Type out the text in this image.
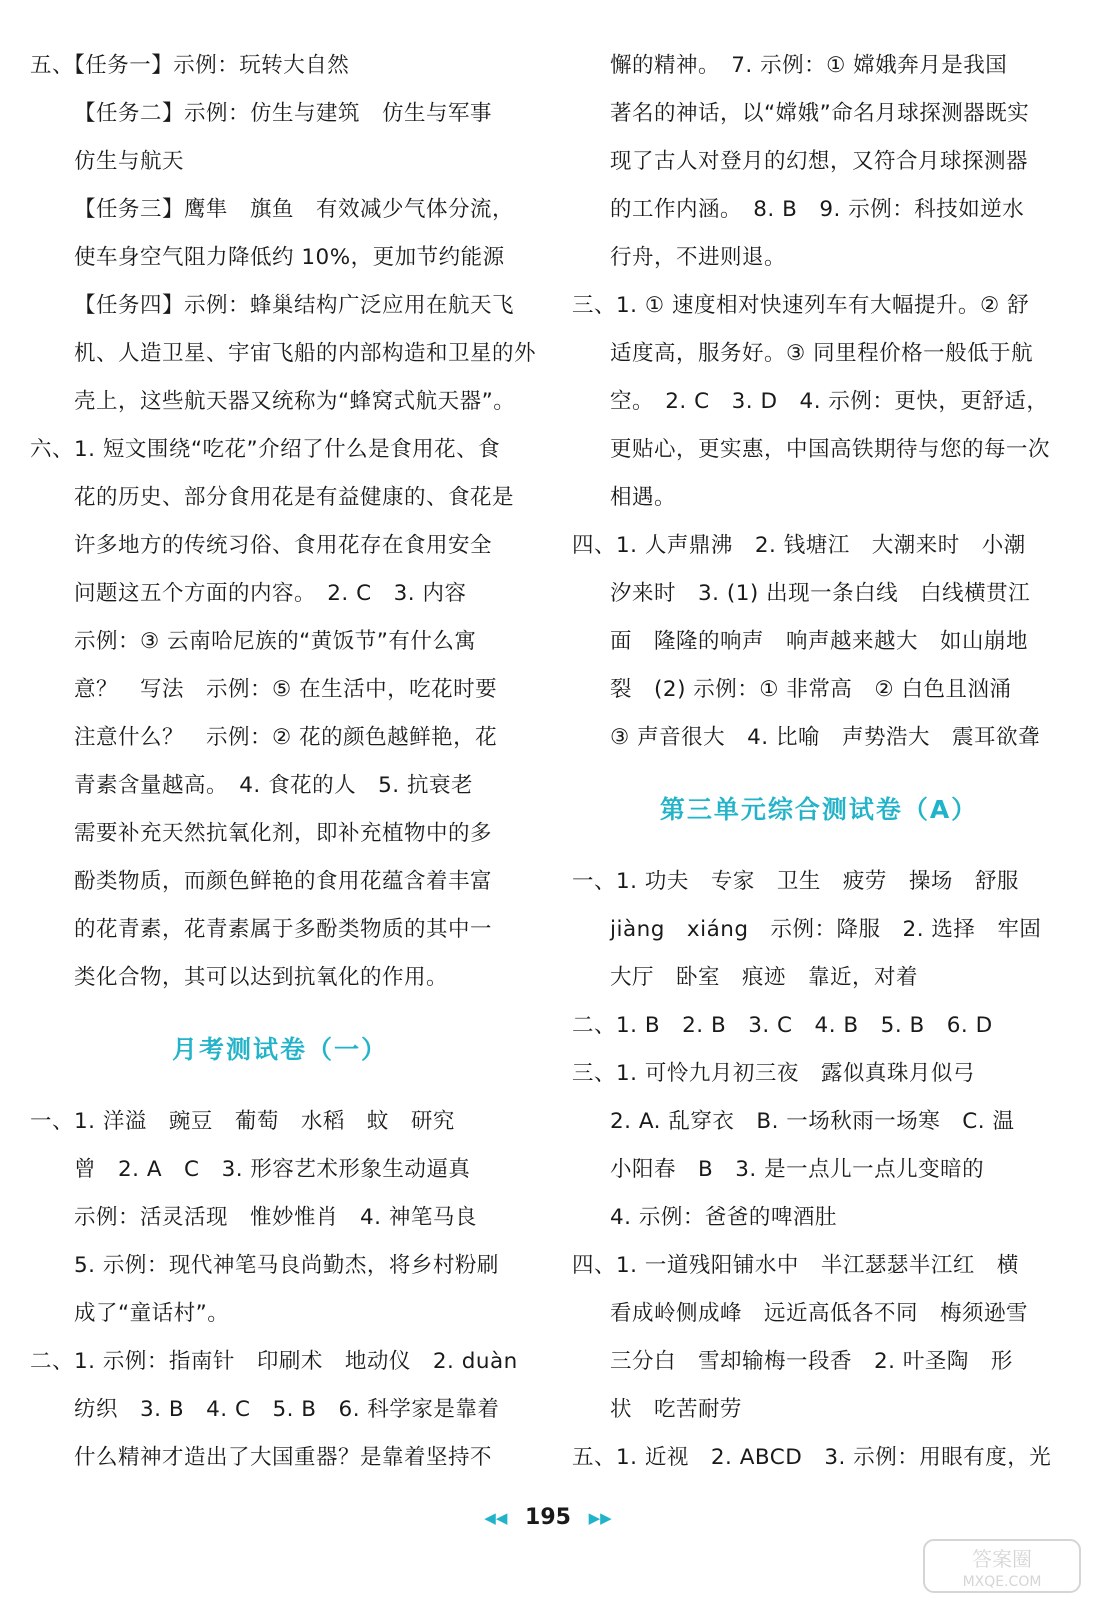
五、【任务一】示例：玩转大自然
【任务二】示例：仿生与建筑　仿生与军事
仿生与航天
【任务三】鹰隼　旗鱼　有效减少气体分流，
使车身空气阻力降低约 10%，更加节约能源
【任务四】示例：蜂巢结构广泛应用在航天飞
机、人造卫星、宇宙飞船的内部构造和卫星的外
壳上，这些航天器又统称为“蜂窝式航天器”。
六、1. 短文围绕“吃花”介绍了什么是食用花、食
花的历史、部分食用花是有益健康的、食花是
许多地方的传统习俗、食用花存在食用安全
问题这五个方面的内容。　2. C　3. 内容
示例：③ 云南哈尼族的“黄饭节”有什么寓
意？　写法　示例：⑤ 在生活中，吃花时要
注意什么？　示例：② 花的颜色越鲜艳，花
青素含量越高。　4. 食花的人　5. 抗衰老
需要补充天然抗氧化剂，即补充植物中的多
酚类物质，而颜色鲜艳的食用花蕴含着丰富
的花青素，花青素属于多酚类物质的其中一
类化合物，其可以达到抗氧化的作用。
月考测试卷（一）
一、1. 洋溢　豌豆　葡萄　水稻　蚊　研究
曾　2. A　C　3. 形容艺术形象生动逼真
示例：活灵活现　惟妙惟肖　4. 神笔马良
5. 示例：现代神笔马良尚勤杰，将乡村粉刷
成了“童话村”。
二、1. 示例：指南针　印刷术　地动仪　2. duàn
纺织　3. B　4. C　5. B　6. 科学家是靠着
什么精神才造出了大国重器？是靠着坚持不
懈的精神。　7. 示例：① 嫦娥奔月是我国
著名的神话，以“嫦娥”命名月球探测器既实
现了古人对登月的幻想，又符合月球探测器
的工作内涵。　8. B　9. 示例：科技如逆水
行舟，不进则退。
三、1. ① 速度相对快速列车有大幅提升。② 舒
适度高，服务好。③ 同里程价格一般低于航
空。　2. C　3. D　4. 示例：更快，更舒适，
更贴心，更实惠，中国高铁期待与您的每一次
相遇。
四、1. 人声鼎沸　2. 钱塘江　大潮来时　小潮
汐来时　3. (1) 出现一条白线　白线横贯江
面　隆隆的响声　响声越来越大　如山崩地
裂　(2) 示例：① 非常高　② 白色且汹涌
③ 声音很大　4. 比喻　声势浩大　震耳欲聋
第三单元综合测试卷（A）
一、1. 功夫　专家　卫生　疲劳　操场　舒服
jiàng　xiáng　示例：降服　2. 选择　牢固
大厅　卧室　痕迹　靠近，对着
二、1. B　2. B　3. C　4. B　5. B　6. D
三、1. 可怜九月初三夜　露似真珠月似弓
2. A. 乱穿衣　B. 一场秋雨一场寒　C. 温
小阳春　B　3. 是一点儿一点儿变暗的
4. 示例：爸爸的啤酒肚
四、1. 一道残阳铺水中　半江瑟瑟半江红　横
看成岭侧成峰　远近高低各不同　梅须逊雪
三分白　雪却输梅一段香　2. 叶圣陶　形
状　吃苦耐劳
五、1. 近视　2. ABCD　3. 示例：用眼有度，光
◀◀ 195 ▶▶
答案圈
MXQE.COM
